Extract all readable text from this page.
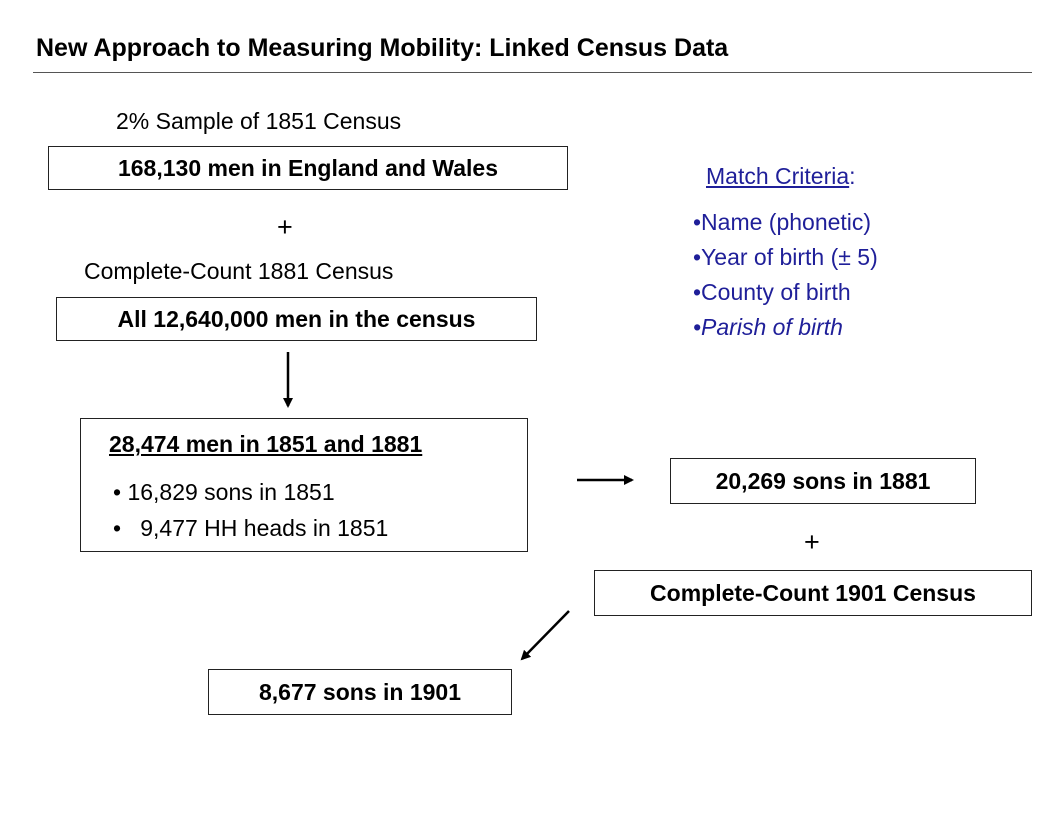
New Approach to Measuring Mobility: Linked Census Data
2% Sample of 1851 Census
168,130 men in England and Wales
+
Complete-Count 1881 Census
All 12,640,000 men in the census
Match Criteria:
•Name (phonetic)
•Year of birth (± 5)
•County of birth
•Parish of birth
28,474 men in 1851 and 1881
• 16,829 sons in 1851
•   9,477 HH heads in 1851
20,269 sons in 1881
+
Complete-Count 1901 Census
8,677 sons in 1901
